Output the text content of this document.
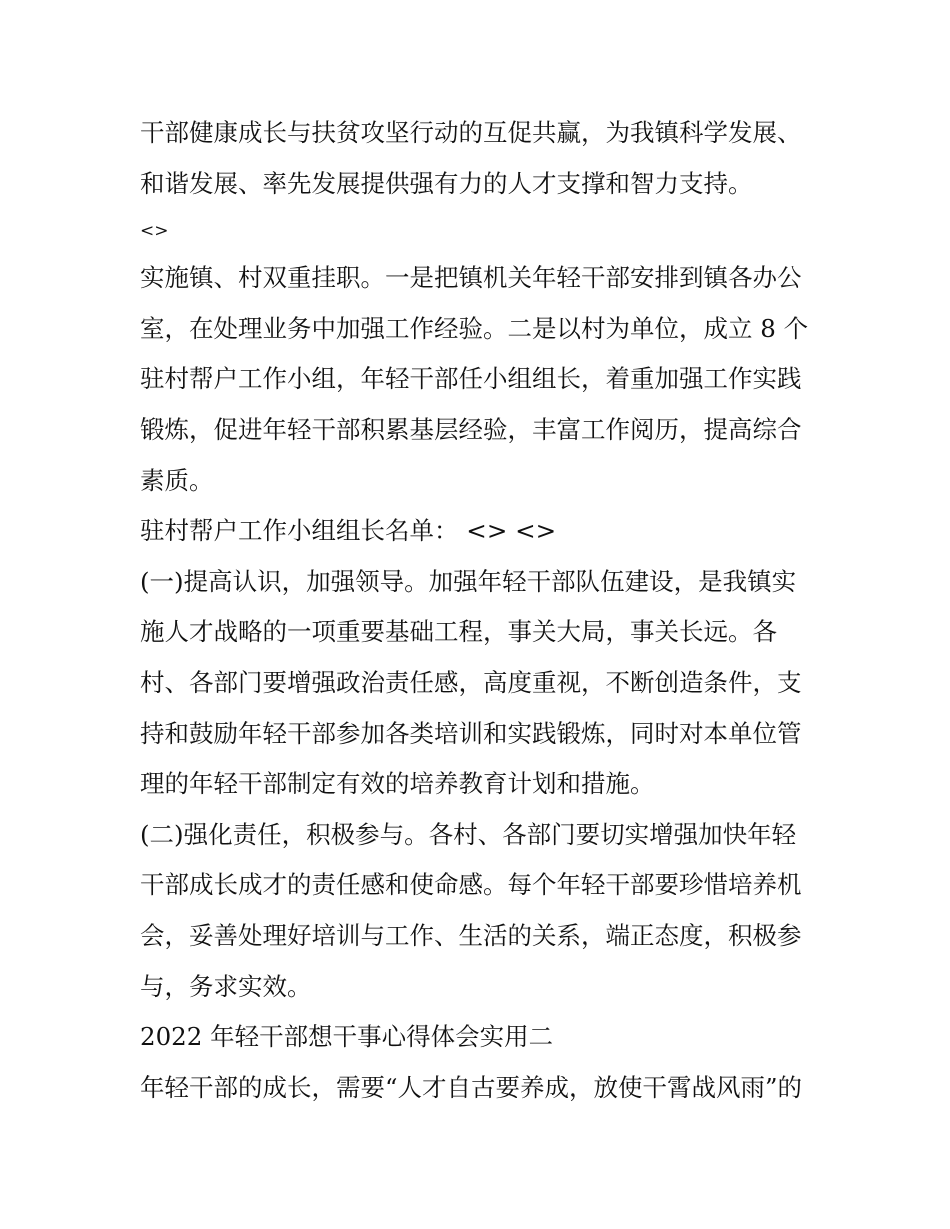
干部健康成长与扶贫攻坚行动的互促共赢，为我镇科学发展、

和谐发展、率先发展提供强有力的人才支撑和智力支持。

<>

实施镇、村双重挂职。一是把镇机关年轻干部安排到镇各办公

室，在处理业务中加强工作经验。二是以村为单位，成立 8 个

驻村帮户工作小组，年轻干部任小组组长，着重加强工作实践

锻炼，促进年轻干部积累基层经验，丰富工作阅历，提高综合

素质。

驻村帮户工作小组组长名单： <> <>

(一)提高认识，加强领导。加强年轻干部队伍建设，是我镇实

施人才战略的一项重要基础工程，事关大局，事关长远。各

村、各部门要增强政治责任感，高度重视，不断创造条件，支

持和鼓励年轻干部参加各类培训和实践锻炼，同时对本单位管

理的年轻干部制定有效的培养教育计划和措施。

(二)强化责任，积极参与。各村、各部门要切实增强加快年轻

干部成长成才的责任感和使命感。每个年轻干部要珍惜培养机

会，妥善处理好培训与工作、生活的关系，端正态度，积极参

与，务求实效。

2022 年轻干部想干事心得体会实用二

年轻干部的成长，需要“人才自古要养成，放使干霄战风雨”的
